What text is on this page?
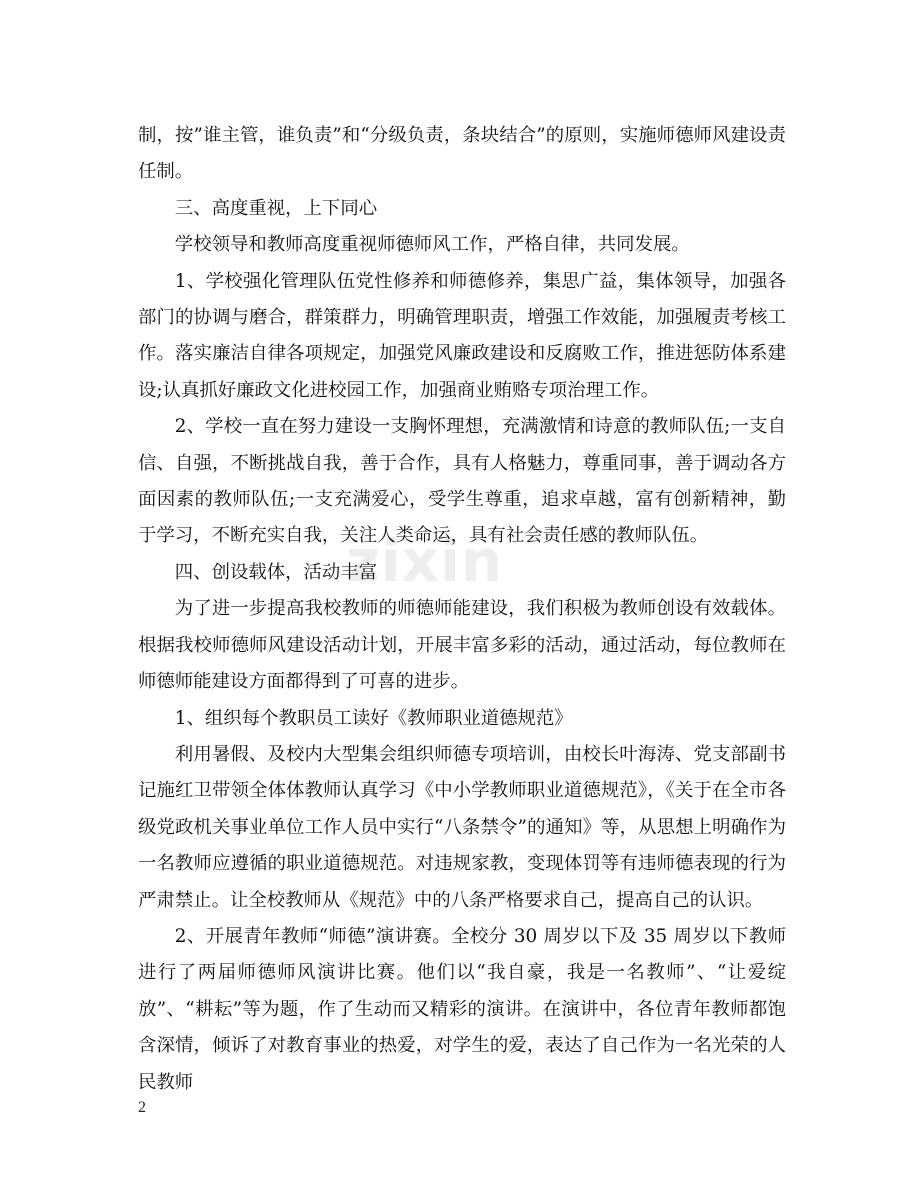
zixin

制，按”谁主管，谁负责”和“分级负责，条块结合”的原则，实施师德师风建设责任制。

三、高度重视，上下同心

学校领导和教师高度重视师德师风工作，严格自律，共同发展。

1、学校强化管理队伍党性修养和师德修养，集思广益，集体领导，加强各部门的协调与磨合，群策群力，明确管理职责，增强工作效能，加强履责考核工作。落实廉洁自律各项规定，加强党风廉政建设和反腐败工作，推进惩防体系建设;认真抓好廉政文化进校园工作，加强商业贿赂专项治理工作。

2、学校一直在努力建设一支胸怀理想，充满激情和诗意的教师队伍;一支自信、自强，不断挑战自我，善于合作，具有人格魅力，尊重同事，善于调动各方面因素的教师队伍;一支充满爱心，受学生尊重，追求卓越，富有创新精神，勤于学习，不断充实自我，关注人类命运，具有社会责任感的教师队伍。

四、创设载体，活动丰富

为了进一步提高我校教师的师德师能建设，我们积极为教师创设有效载体。根据我校师德师风建设活动计划，开展丰富多彩的活动，通过活动，每位教师在师德师能建设方面都得到了可喜的进步。

1、组织每个教职员工读好《教师职业道德规范》

利用暑假、及校内大型集会组织师德专项培训，由校长叶海涛、党支部副书记施红卫带领全体体教师认真学习《中小学教师职业道德规范》，《关于在全市各级党政机关事业单位工作人员中实行“八条禁令”的通知》等，从思想上明确作为一名教师应遵循的职业道德规范。对违规家教，变现体罚等有违师德表现的行为严肃禁止。让全校教师从《规范》中的八条严格要求自己，提高自己的认识。

2、开展青年教师“师德”演讲赛。全校分 30 周岁以下及 35 周岁以下教师进行了两届师德师风演讲比赛。他们以“我自豪，我是一名教师”、“让爱绽放”、“耕耘”等为题，作了生动而又精彩的演讲。在演讲中，各位青年教师都饱含深情，倾诉了对教育事业的热爱，对学生的爱，表达了自己作为一名光荣的人民教师

2
